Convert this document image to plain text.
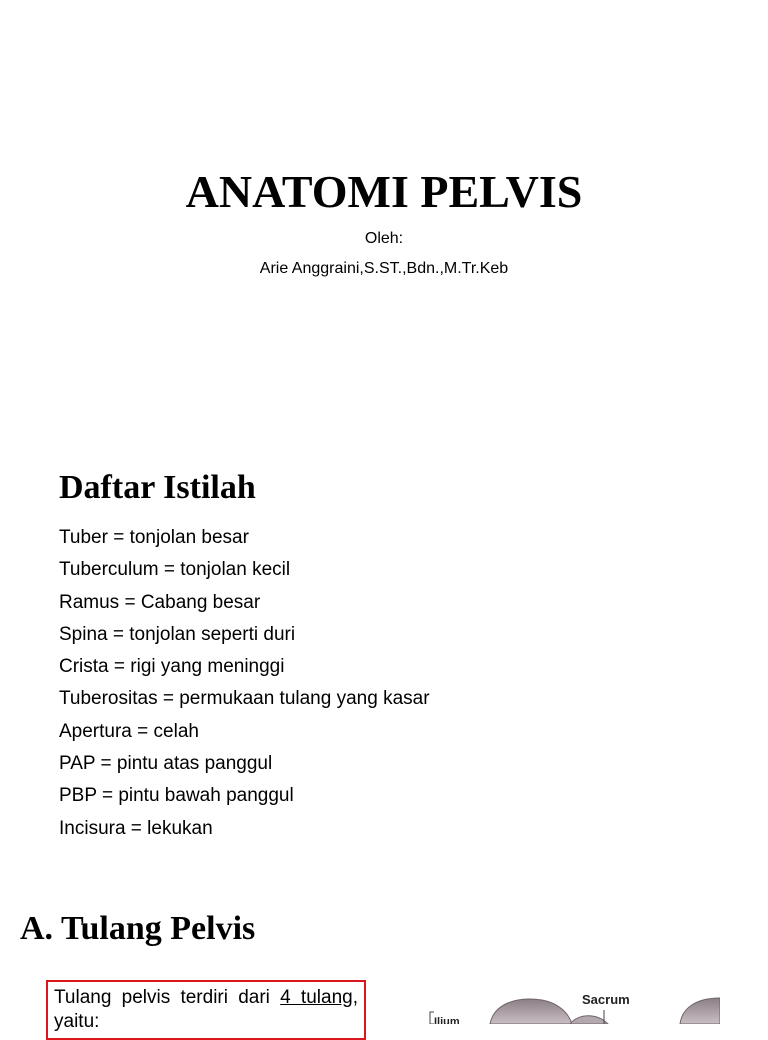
ANATOMI PELVIS
Oleh:
Arie Anggraini,S.ST.,Bdn.,M.Tr.Keb
Daftar Istilah
Tuber = tonjolan besar
Tuberculum = tonjolan kecil
Ramus = Cabang besar
Spina = tonjolan seperti duri
Crista = rigi yang meninggi
Tuberositas = permukaan tulang yang kasar
Apertura = celah
PAP = pintu atas panggul
PBP = pintu bawah panggul
Incisura = lekukan
A. Tulang Pelvis
Tulang pelvis terdiri dari 4 tulang, yaitu:
Sacrum
Ilium
